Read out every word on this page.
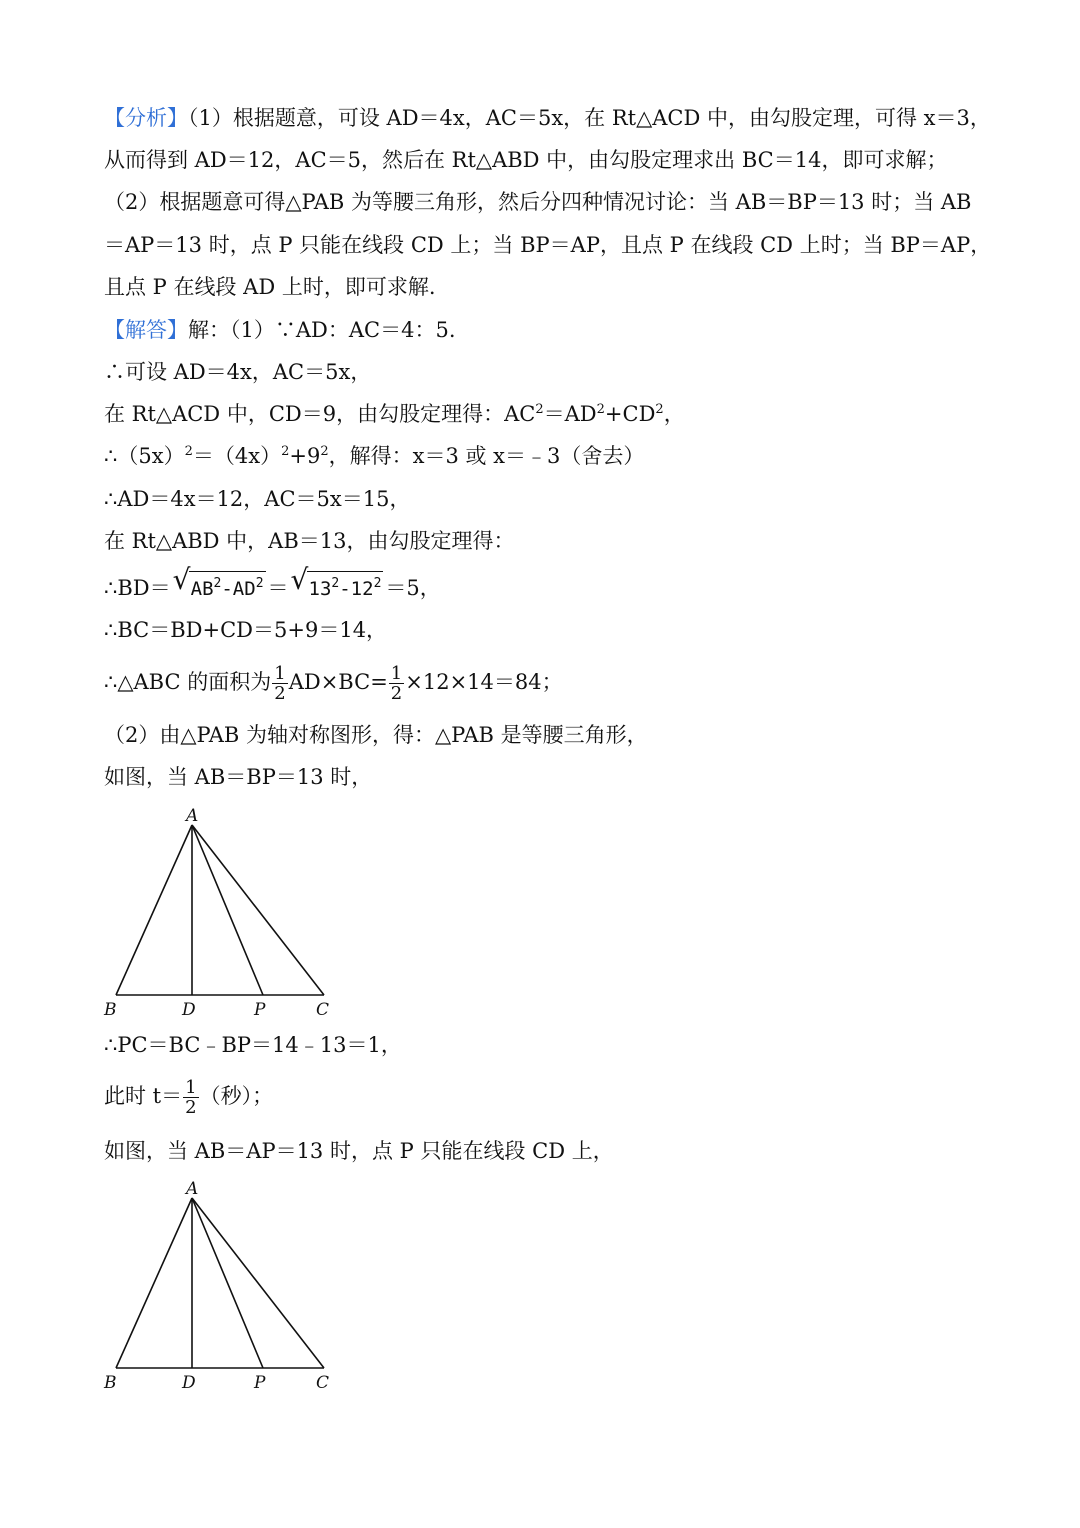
【分析】（1）根据题意，可设 AD＝4x，AC＝5x，在 Rt△ACD 中，由勾股定理，可得 x＝3，
从而得到 AD＝12，AC＝5，然后在 Rt△ABD 中，由勾股定理求出 BC＝14，即可求解；
（2）根据题意可得△PAB 为等腰三角形，然后分四种情况讨论：当 AB＝BP＝13 时；当 AB
＝AP＝13 时，点 P 只能在线段 CD 上；当 BP＝AP，且点 P 在线段 CD 上时；当 BP＝AP，
且点 P 在线段 AD 上时，即可求解.
【解答】解：（1）∵AD：AC＝4：5.
∴可设 AD＝4x，AC＝5x，
在 Rt△ACD 中，CD＝9，由勾股定理得：$AC^2=AD^2+CD^2$，
$\therefore(5x)^2=(4x)^2+9^2$，解得：x＝3 或 x＝﹣3（舍去）
∴AD＝4x＝12，AC＝5x＝15，
在 Rt△ABD 中，AB＝13，由勾股定理得：
∴BD＝ √ $AB^2-AD^2$ ＝ √ $13^2-12^2 =5$，
∴BC＝BD+CD＝5+9＝14，
∴△ABC 的面积为 $\frac{1}{2} AD\times BC= \frac{1}{2} \times 12\times 14=84$；
（2）由△PAB 为轴对称图形，得：△PAB 是等腰三角形，
如图，当 AB＝BP＝13 时，
A
B	D	P	C
∴PC＝BC﹣BP＝14﹣13＝1，
此时 $t= \frac{1}{2}$ （秒）；
如图，当 AB＝AP＝13 时，点 P 只能在线段 CD 上，
A
B	D	P	C
